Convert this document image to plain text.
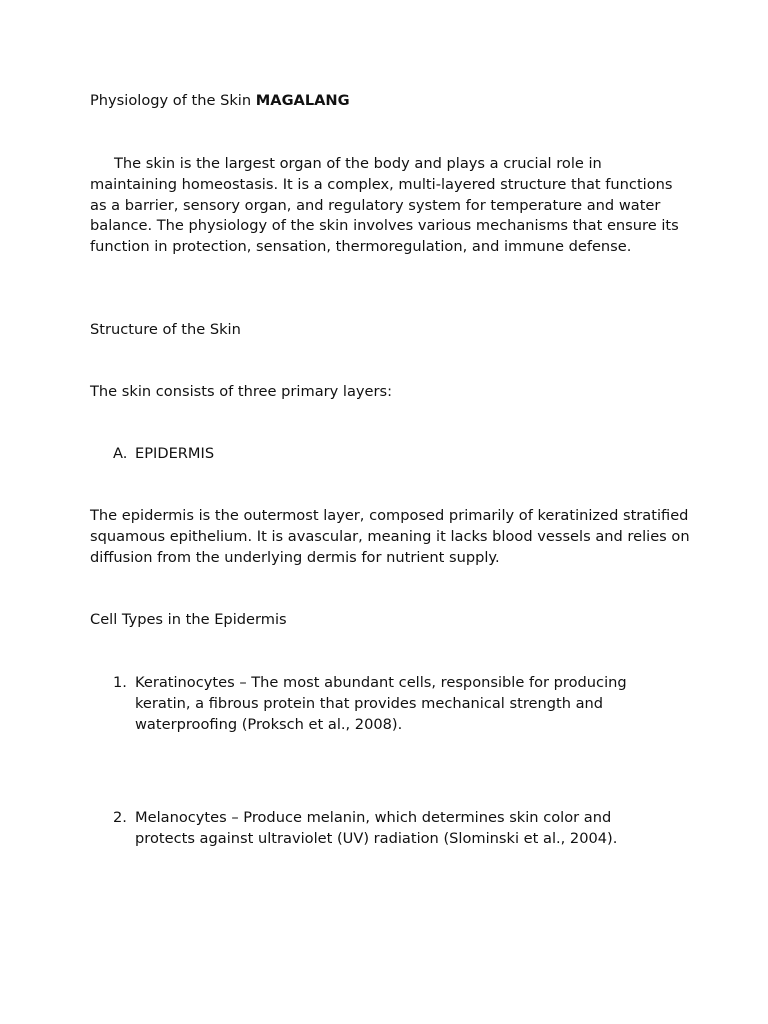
Physiology of the Skin MAGALANG

The skin is the largest organ of the body and plays a crucial role in maintaining homeostasis. It is a complex, multi-layered structure that functions as a barrier, sensory organ, and regulatory system for temperature and water balance. The physiology of the skin involves various mechanisms that ensure its function in protection, sensation, thermoregulation, and immune defense.

Structure of the Skin

The skin consists of three primary layers:

A. EPIDERMIS

The epidermis is the outermost layer, composed primarily of keratinized stratified squamous epithelium. It is avascular, meaning it lacks blood vessels and relies on diffusion from the underlying dermis for nutrient supply.

Cell Types in the Epidermis

1. Keratinocytes – The most abundant cells, responsible for producing keratin, a fibrous protein that provides mechanical strength and waterproofing (Proksch et al., 2008).
2. Melanocytes – Produce melanin, which determines skin color and protects against ultraviolet (UV) radiation (Slominski et al., 2004).
